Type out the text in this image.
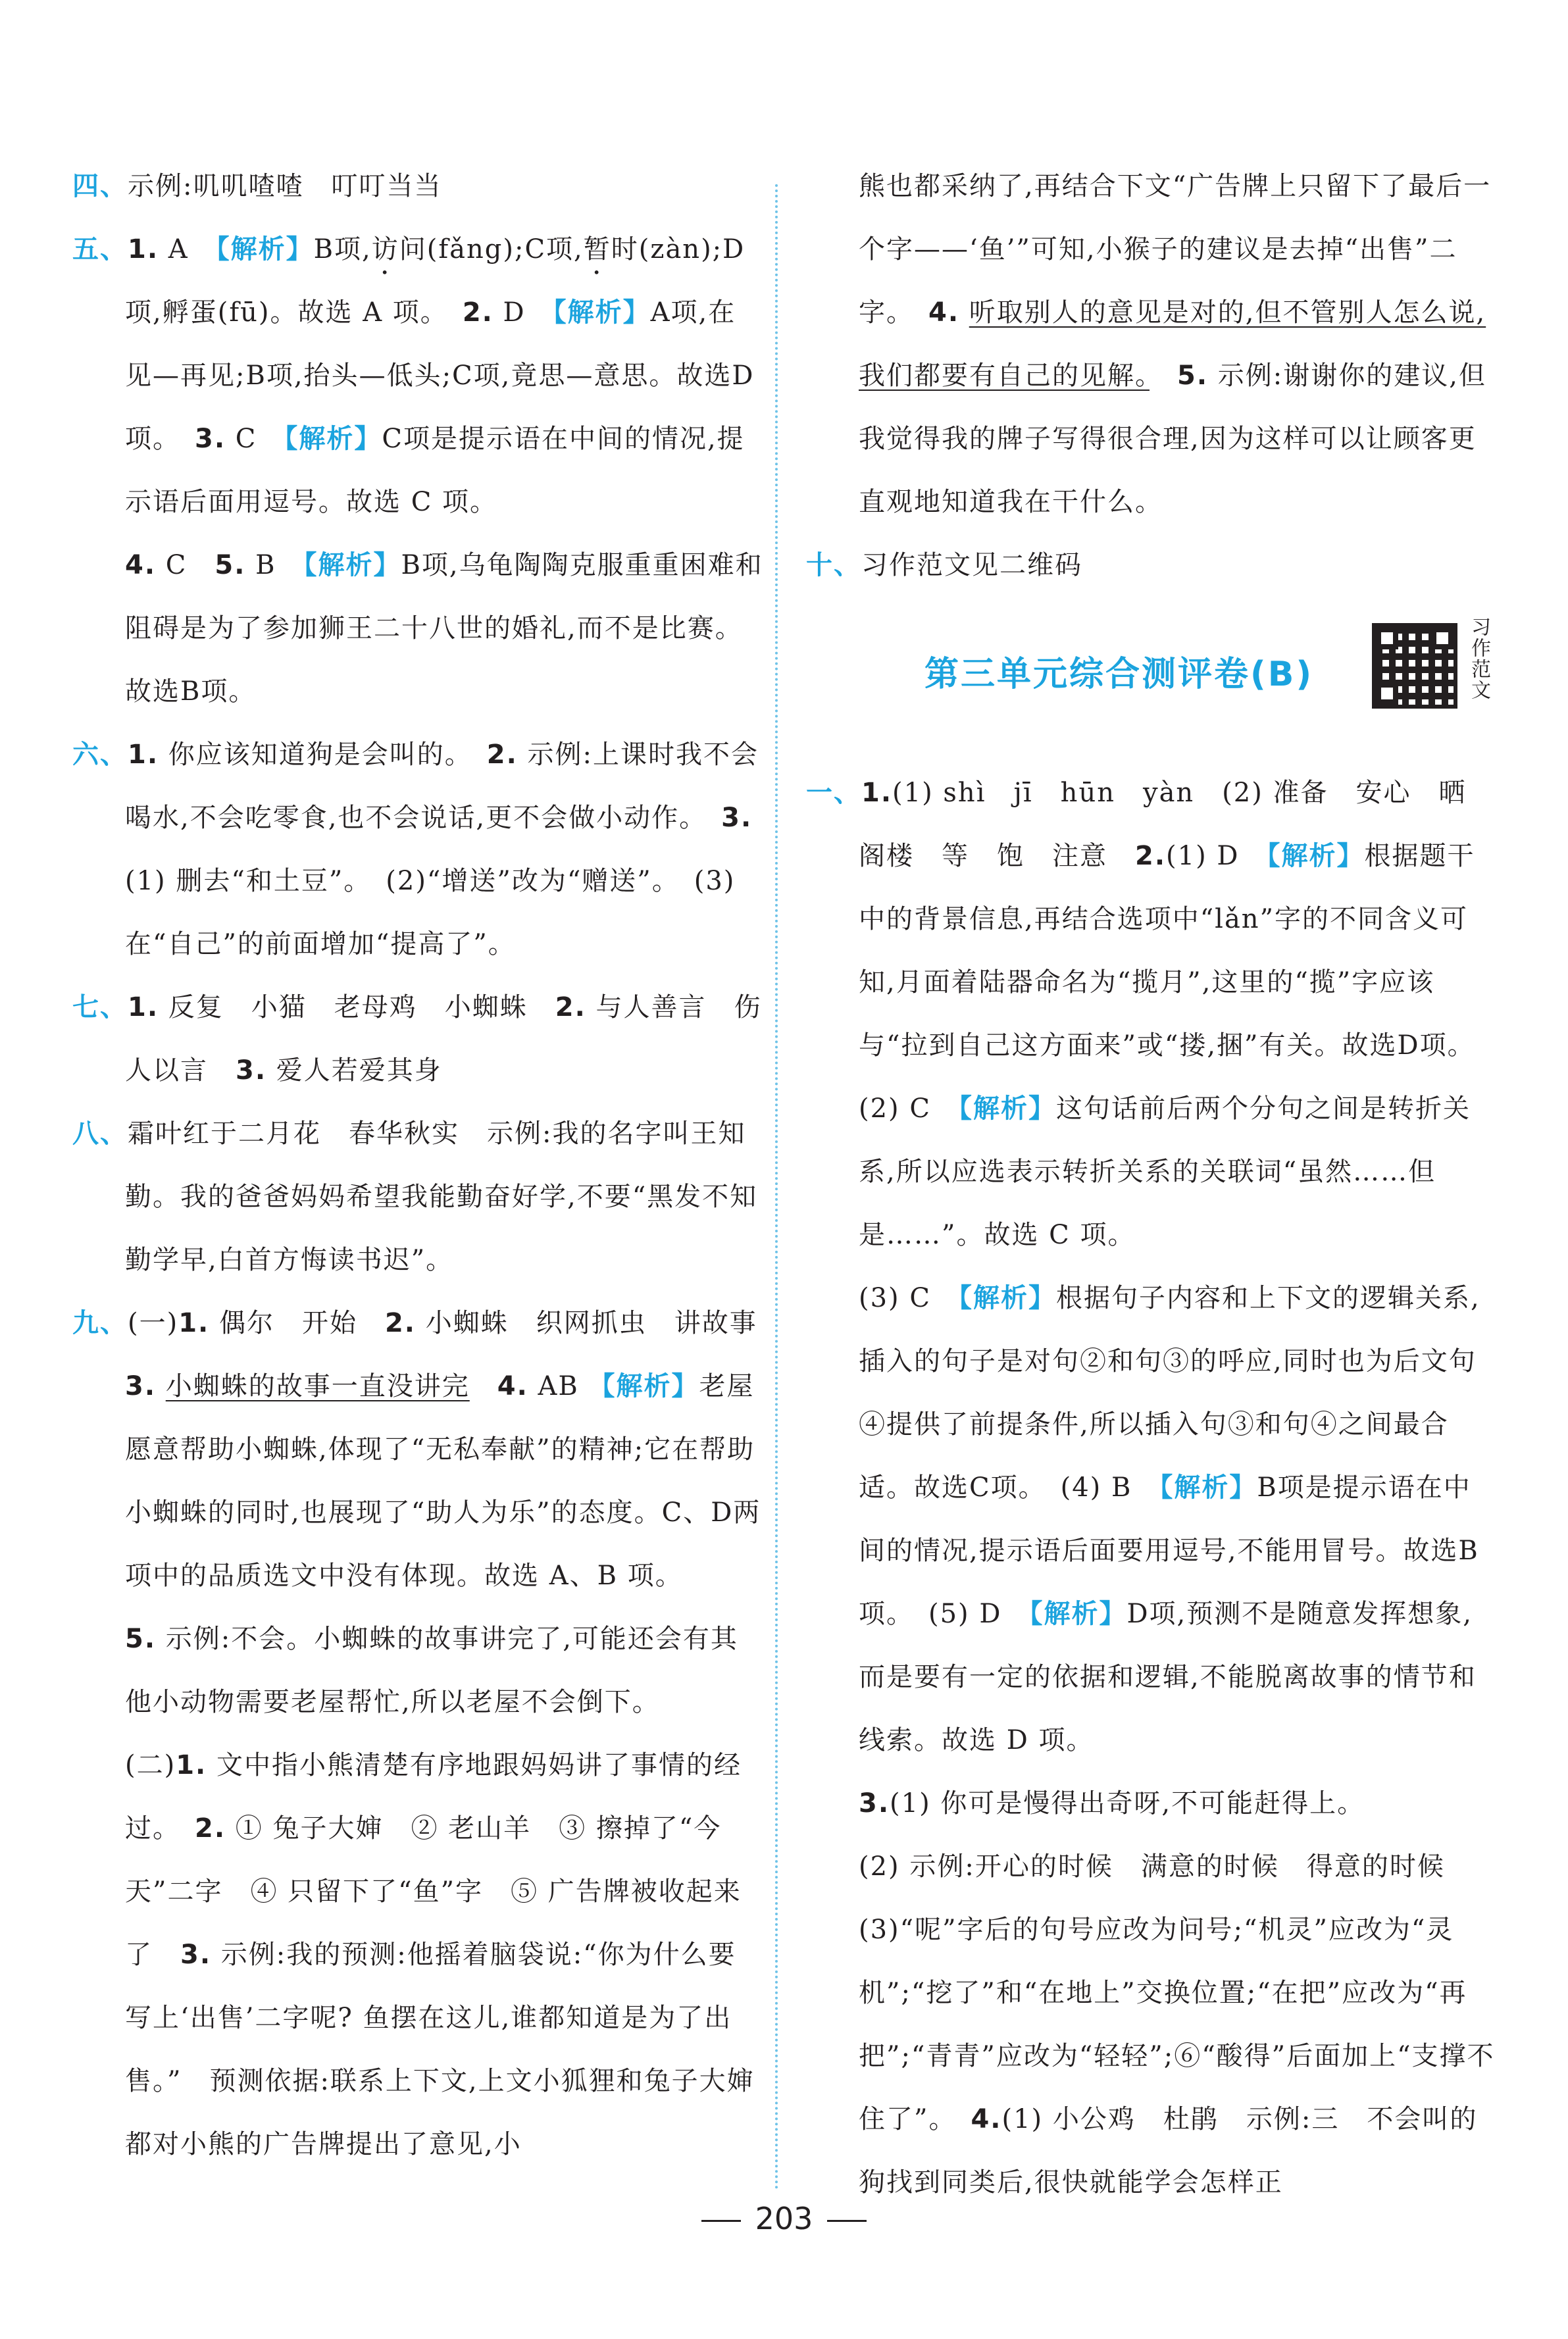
四、示例:叽叽喳喳　叮叮当当

五、1. A　【解析】B项,访问(fǎng);C项,暂时(zàn);D项,孵蛋(fū)。故选 A 项。　 2. D　【解析】A项,在见—再见;B项,抬头—低头;C项,竟思—意思。故选D项。　 3. C　【解析】C项是提示语在中间的情况,提示语后面用逗号。故选 C 项。

4. C　5. B　【解析】B项,乌龟陶陶克服重重困难和阻碍是为了参加狮王二十八世的婚礼,而不是比赛。故选B项。

六、1. 你应该知道狗是会叫的。　2. 示例:上课时我不会喝水,不会吃零食,也不会说话,更不会做小动作。　3.(1) 删去“和土豆”。　(2)“增送”改为“赠送”。　(3) 在“自己”的前面增加“提高了”。

七、1. 反复　小猫　老母鸡　小蜘蛛　2. 与人善言　伤人以言　3. 爱人若爱其身

八、霜叶红于二月花　春华秋实　示例:我的名字叫王知勤。我的爸爸妈妈希望我能勤奋好学,不要“黑发不知勤学早,白首方悔读书迟”。

九、(一)1. 偶尔　开始　2. 小蜘蛛　织网抓虫　讲故事　3. 小蜘蛛的故事一直没讲完　 4. AB 【解析】老屋愿意帮助小蜘蛛,体现了“无私奉献”的精神;它在帮助小蜘蛛的同时,也展现了“助人为乐”的态度。C、D两项中的品质选文中没有体现。故选 A、B 项。

5. 示例:不会。小蜘蛛的故事讲完了,可能还会有其他小动物需要老屋帮忙,所以老屋不会倒下。

(二)1. 文中指小熊清楚有序地跟妈妈讲了事情的经过。　2. ① 兔子大婶　② 老山羊　③ 擦掉了“今天”二字　④ 只留下了“鱼”字　⑤ 广告牌被收起来了　3. 示例:我的预测:他摇着脑袋说:“你为什么要写上‘出售’二字呢? 鱼摆在这儿,谁都知道是为了出售。”　预测依据:联系上下文,上文小狐狸和兔子大婶都对小熊的广告牌提出了意见,小

熊也都采纳了,再结合下文“广告牌上只留下了最后一个字——‘鱼’”可知,小猴子的建议是去掉“出售”二字。　4. 听取别人的意见是对的,但不管别人怎么说,我们都要有自己的见解。　 5. 示例:谢谢你的建议,但我觉得我的牌子写得很合理,因为这样可以让顾客更直观地知道我在干什么。

十、习作范文见二维码

第三单元综合测评卷(B)	习作范文

一、1.(1) shì　jī　hūn　yàn　(2) 准备　安心　晒　阁楼　等　饱　注意　2.(1) D　【解析】根据题干中的背景信息,再结合选项中“lǎn”字的不同含义可知,月面着陆器命名为“揽月”,这里的“揽”字应该与“拉到自己这方面来”或“搂,捆”有关。故选D项。　(2) C　【解析】这句话前后两个分句之间是转折关系,所以应选表示转折关系的关联词“虽然……但是……”。故选 C 项。

(3) C　【解析】根据句子内容和上下文的逻辑关系,插入的句子是对句②和句③的呼应,同时也为后文句④提供了前提条件,所以插入句③和句④之间最合适。故选C项。　(4) B　【解析】B项是提示语在中间的情况,提示语后面要用逗号,不能用冒号。故选B项。　(5) D　【解析】D项,预测不是随意发挥想象,而是要有一定的依据和逻辑,不能脱离故事的情节和线索。故选 D 项。

3.(1) 你可是慢得出奇呀,不可能赶得上。

(2) 示例:开心的时候　满意的时候　得意的时候

(3)“呢”字后的句号应改为问号;“机灵”应改为“灵机”;“挖了”和“在地上”交换位置;“在把”应改为“再把”;“青青”应改为“轻轻”;⑥“酸得”后面加上“支撑不住了”。　4.(1) 小公鸡　杜鹃　示例:三　不会叫的狗找到同类后,很快就能学会怎样正

203
